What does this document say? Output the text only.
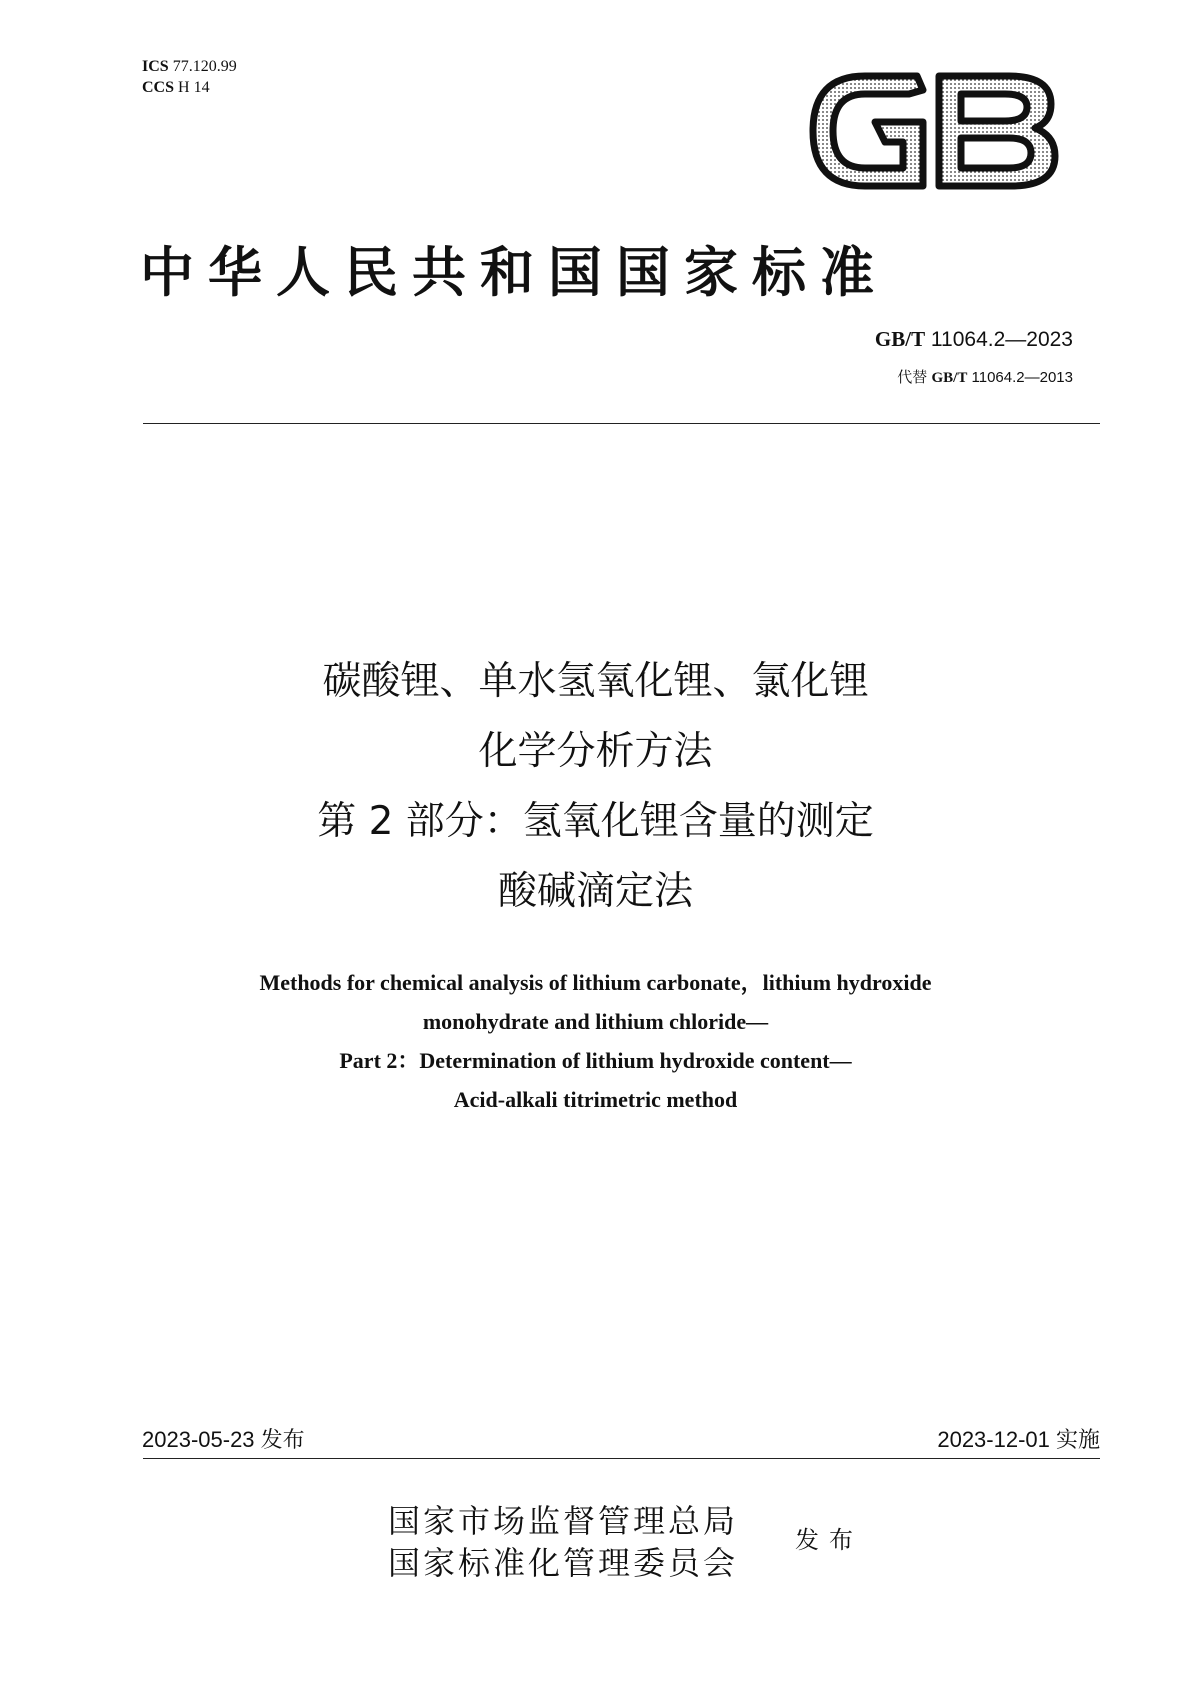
ICS 77.120.99
CCS H 14
中华人民共和国国家标准
GB/T 11064.2—2023
代替 GB/T 11064.2—2013
碳酸锂、单水氢氧化锂、氯化锂
化学分析方法
第 2 部分：氢氧化锂含量的测定
酸碱滴定法
Methods for chemical analysis of lithium carbonate，lithium hydroxide
monohydrate and lithium chloride—
Part 2：Determination of lithium hydroxide content—
Acid-alkali titrimetric method
2023-05-23 发布	2023-12-01 实施
国家市场监督管理总局
国家标准化管理委员会
发布
